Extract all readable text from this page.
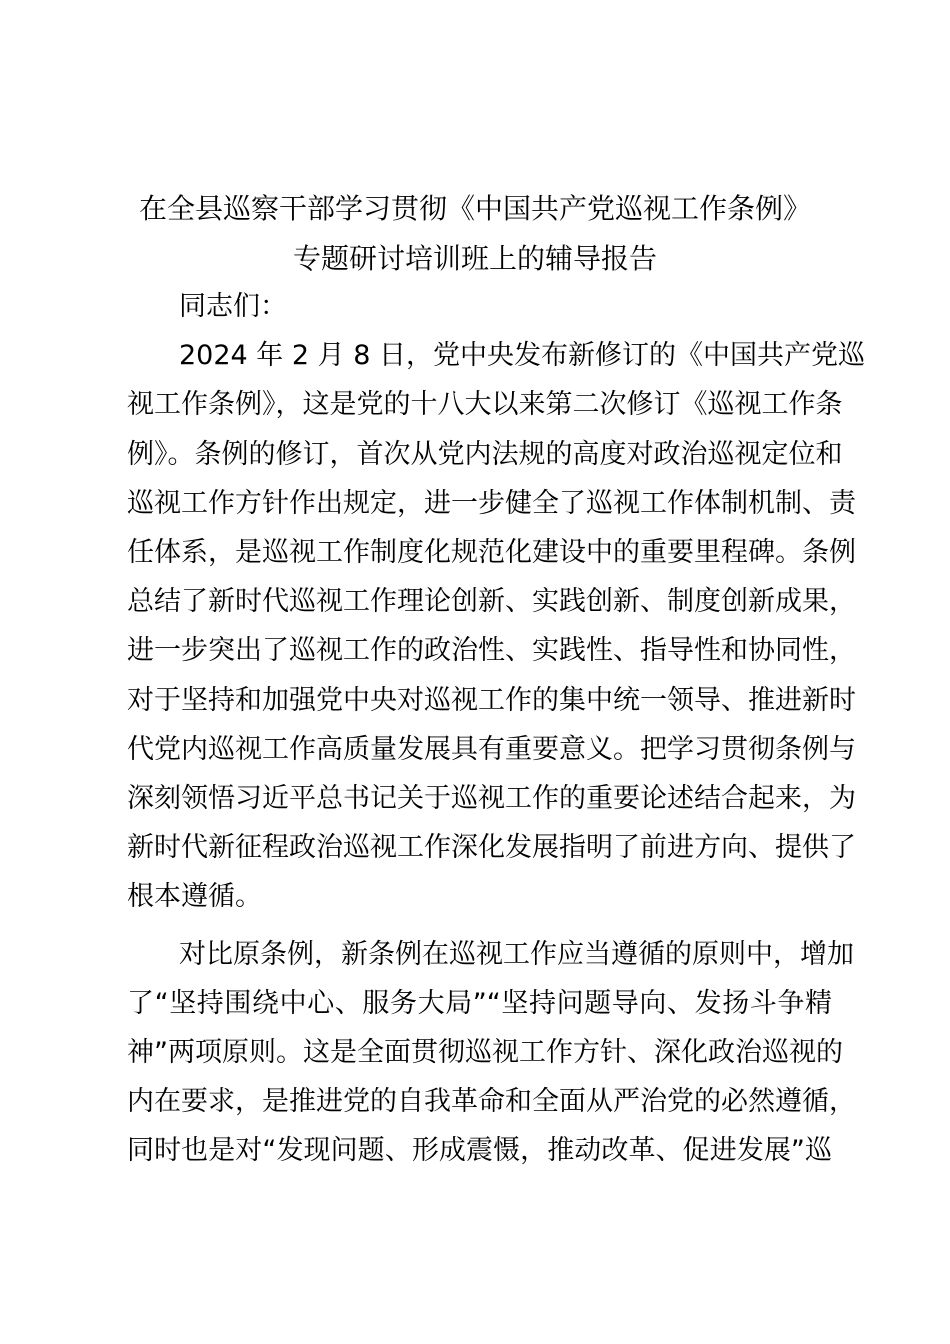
在全县巡察干部学习贯彻《中国共产党巡视工作条例》
专题研讨培训班上的辅导报告
同志们：
2024 年 2 月 8 日，党中央发布新修订的《中国共产党巡
视工作条例》，这是党的十八大以来第二次修订《巡视工作条
例》。条例的修订，首次从党内法规的高度对政治巡视定位和
巡视工作方针作出规定，进一步健全了巡视工作体制机制、责
任体系，是巡视工作制度化规范化建设中的重要里程碑。条例
总结了新时代巡视工作理论创新、实践创新、制度创新成果，
进一步突出了巡视工作的政治性、实践性、指导性和协同性，
对于坚持和加强党中央对巡视工作的集中统一领导、推进新时
代党内巡视工作高质量发展具有重要意义。把学习贯彻条例与
深刻领悟习近平总书记关于巡视工作的重要论述结合起来，为
新时代新征程政治巡视工作深化发展指明了前进方向、提供了
根本遵循。
对比原条例，新条例在巡视工作应当遵循的原则中，增加
了“坚持围绕中心、服务大局”“坚持问题导向、发扬斗争精
神”两项原则。这是全面贯彻巡视工作方针、深化政治巡视的
内在要求，是推进党的自我革命和全面从严治党的必然遵循，
同时也是对“发现问题、形成震慑，推动改革、促进发展”巡
